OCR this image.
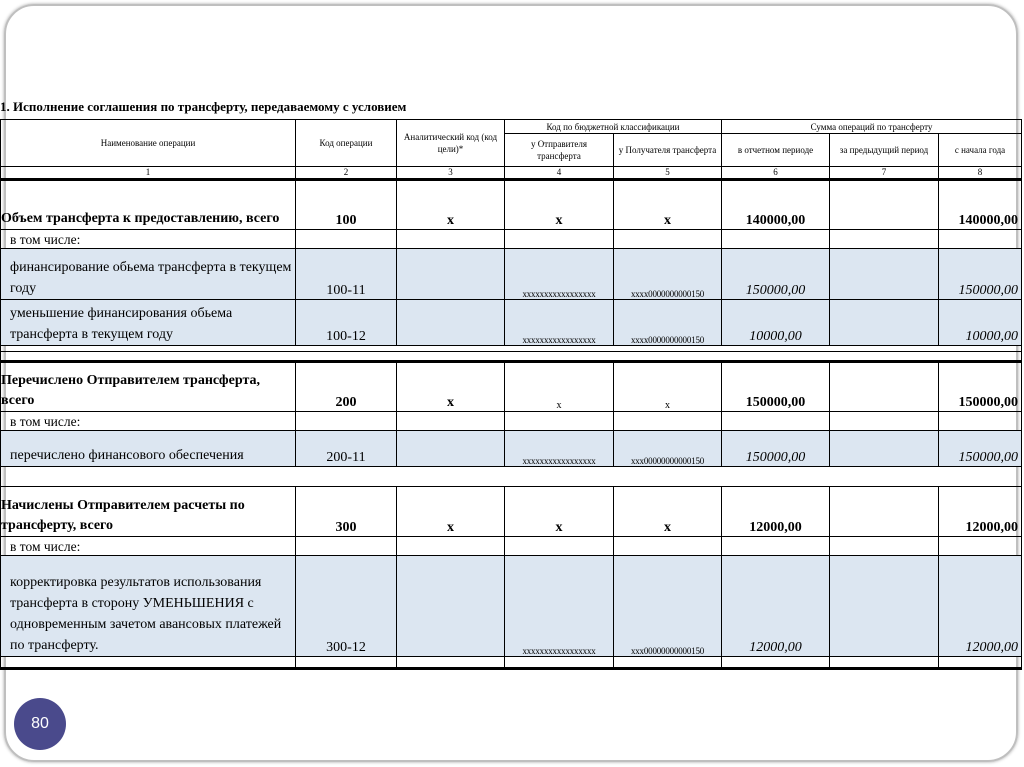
1. Исполнение соглашения по трансферту, передаваемому с условием
Наименование операции	Код операции	Аналитический код (код цели)*	Код по бюджетной классификации		Сумма операций по трансферту		
			у Отправителя трансферта	у Получателя трансферта	в отчетном периоде	за предыдущий период	с начала года
1	2	3	4	5	6	7	8
Объем трансферта к предоставлению, всего	100	х	х	х	140000,00		140000,00
в том числе:							
финансирование обьема трансферта в текущем году	100-11		xxxxxxxxxxxxxxxxx	xxxx0000000000150	150000,00		150000,00
уменьшение финансирования обьема трансферта в текущем году	100-12		xxxxxxxxxxxxxxxxx	xxxx0000000000150	10000,00		10000,00

Перечислено Отправителем трансферта, всего	200	х	х	х	150000,00		150000,00
в том числе:							
перечислено финансового обеспечения	200-11		xxxxxxxxxxxxxxxxx	xxx00000000000150	150000,00		150000,00

Начислены Отправителем расчеты по трансферту, всего	300	х	х	х	12000,00		12000,00
в том числе:							
корректировка результатов использования трансферта в сторону УМЕНЬШЕНИЯ с одновременным зачетом авансовых платежей по трансферту.	300-12		xxxxxxxxxxxxxxxxx	xxx00000000000150	12000,00		12000,00

80
